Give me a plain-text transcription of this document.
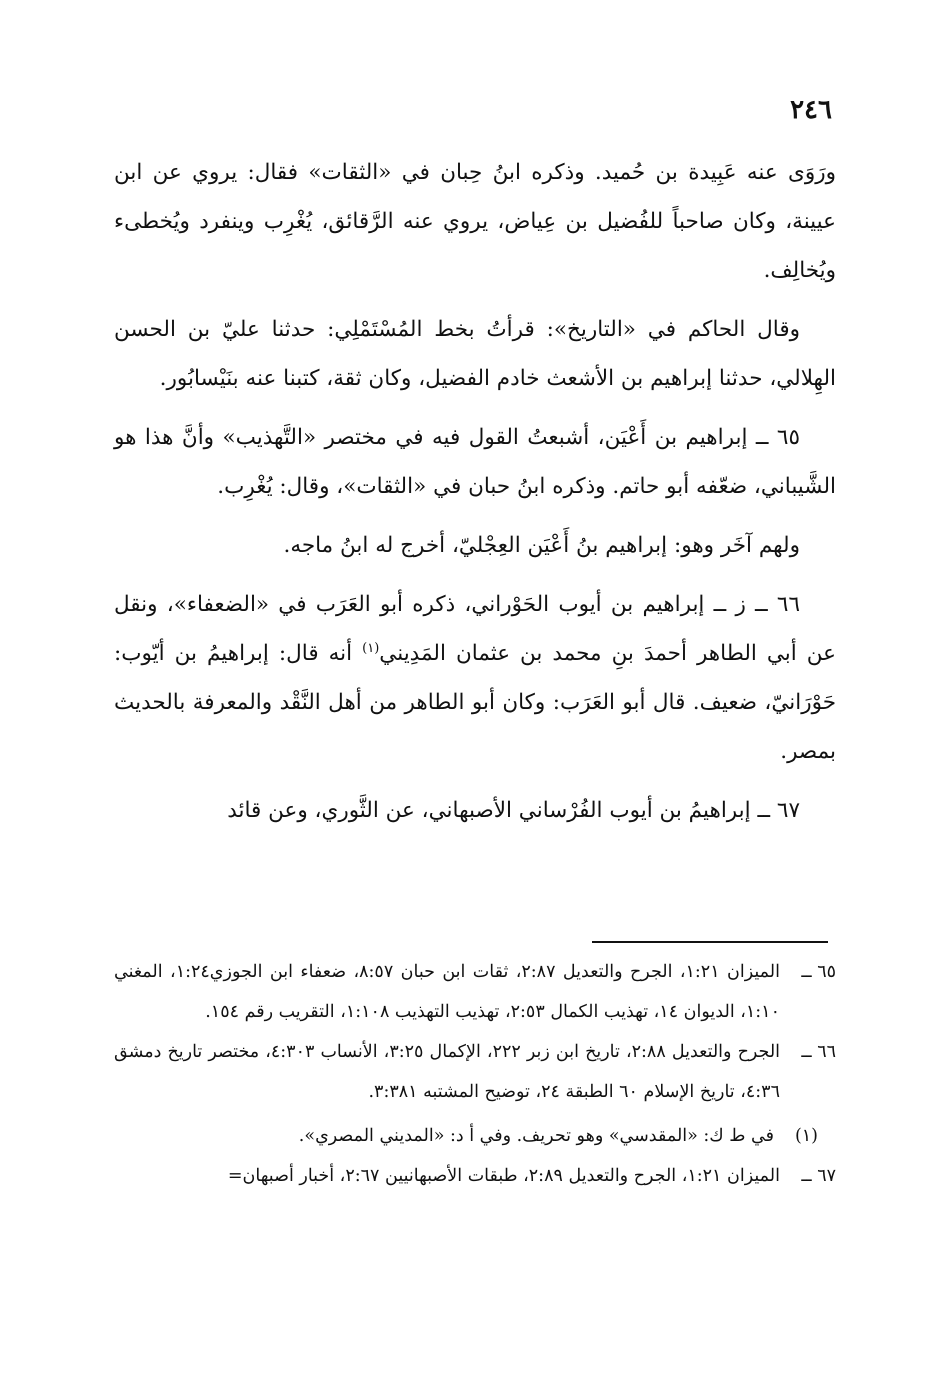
٢٤٦

ورَوَى عنه عَبِيدة بن حُميد. وذكره ابنُ حِبان في «الثقات» فقال: يروي عن ابن عيينة، وكان صاحباً للفُضيل بن عِياض، يروي عنه الرَّقائق، يُغْرِب وينفرد ويُخطىء ويُخالِف.

وقال الحاكم في «التاريخ»: قرأتُ بخط المُسْتَمْلِي: حدثنا عليّ بن الحسن الهِلالي، حدثنا إبراهيم بن الأشعث خادم الفضيل، وكان ثقة، كتبنا عنه بنَيْسابُور.

٦٥ ــ إبراهيم بن أَعْيَن، أشبعتُ القول فيه في مختصر «التَّهذيب» وأنَّ هذا هو الشَّيباني، ضعّفه أبو حاتم. وذكره ابنُ حبان في «الثقات»، وقال: يُغْرِب.

ولهم آخَر وهو: إبراهيم بنُ أَعْيَن العِجْليّ، أخرج له ابنُ ماجه.

٦٦ ــ ز ــ إبراهيم بن أيوب الحَوْراني، ذكره أبو العَرَب في «الضعفاء»، ونقل عن أبي الطاهر أحمدَ بنِ محمد بن عثمان المَدِيني$^{(١)}$ أنه قال: إبراهيمُ بن أيّوب: حَوْرَانيّ، ضعيف. قال أبو العَرَب: وكان أبو الطاهر من أهل النَّقْد والمعرفة بالحديث بمصر.

٦٧ ــ إبراهيمُ بن أيوب الفُرْساني الأصبهاني، عن الثَّوري، وعن قائد

٦٥ ــ
الميزان ١:٢١، الجرح والتعديل ٢:٨٧، ثقات ابن حبان ٨:٥٧، ضعفاء ابن الجوزي١:٢٤، المغني ١:١٠، الديوان ١٤، تهذيب الكمال ٢:٥٣، تهذيب التهذيب ١:١٠٨، التقريب رقم ١٥٤.
٦٦ ــ
الجرح والتعديل ٢:٨٨، تاريخ ابن زبر ٢٢٢، الإكمال ٣:٢٥، الأنساب ٤:٣٠٣، مختصر تاريخ دمشق ٤:٣٦، تاريخ الإسلام ٦٠ الطبقة ٢٤، توضيح المشتبه ٣:٣٨١.
(١)
في ط ك: «المقدسي» وهو تحريف. وفي أ د: «المديني المصري».
٦٧ ــ
الميزان ١:٢١، الجرح والتعديل ٢:٨٩، طبقات الأصبهانيين ٢:٦٧، أخبار أصبهان=
